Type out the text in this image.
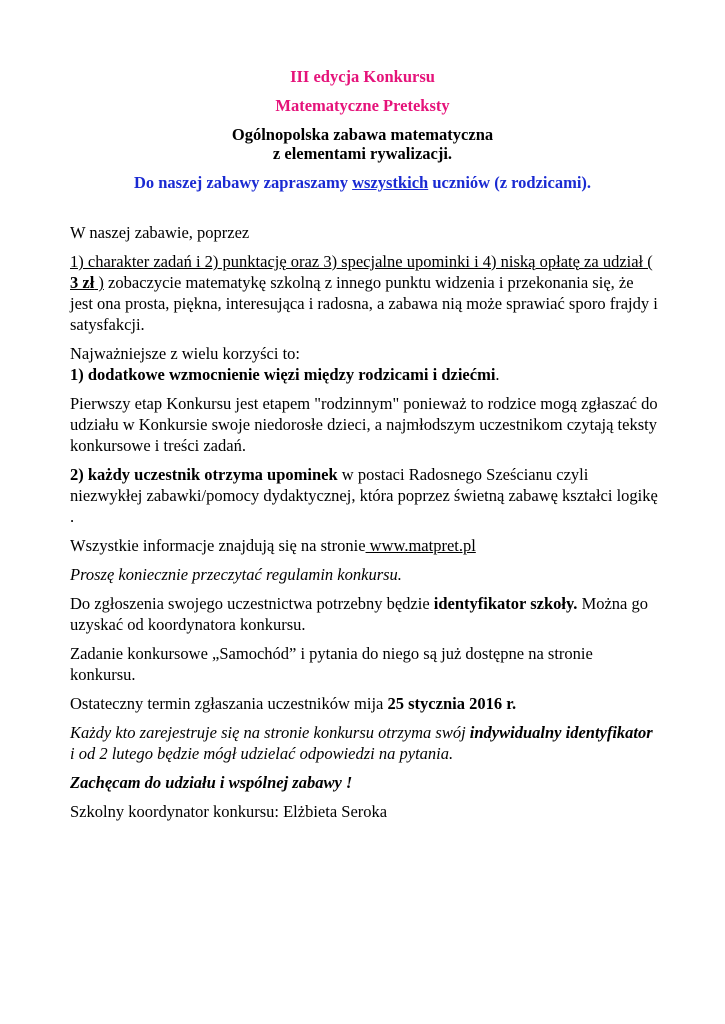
III edycja Konkursu
Matematyczne Preteksty
Ogólnopolska zabawa matematyczna
z elementami rywalizacji.
Do naszej zabawy zapraszamy wszystkich uczniów (z rodzicami).

W naszej zabawie, poprzez

1) charakter zadań i 2) punktację oraz 3) specjalne upominki i 4) niską opłatę za udział ( 3 zł ) zobaczycie matematykę szkolną z innego punktu widzenia i przekonania się, że jest ona prosta, piękna, interesująca i radosna, a zabawa nią może sprawiać sporo frajdy i satysfakcji.

Najważniejsze z wielu korzyści to:

1) dodatkowe wzmocnienie więzi między rodzicami i dziećmi.

Pierwszy etap Konkursu jest etapem "rodzinnym" ponieważ to rodzice mogą zgłaszać do udziału w Konkursie swoje niedorosłe dzieci, a najmłodszym uczestnikom czytają teksty konkursowe i treści zadań.

2) każdy uczestnik otrzyma upominek w postaci Radosnego Sześcianu czyli niezwykłej zabawki/pomocy dydaktycznej, która poprzez świetną zabawę kształci logikę .

Wszystkie informacje znajdują się na stronie www.matpret.pl

Proszę koniecznie przeczytać regulamin konkursu.

Do zgłoszenia swojego uczestnictwa potrzebny będzie identyfikator szkoły. Można go uzyskać od koordynatora konkursu.

Zadanie konkursowe „Samochód” i pytania do niego są już dostępne na stronie konkursu.

Ostateczny termin zgłaszania uczestników mija 25 stycznia 2016 r.

Każdy kto zarejestruje się na stronie konkursu otrzyma swój indywidualny identyfikator i od 2 lutego będzie mógł udzielać odpowiedzi na pytania.

Zachęcam do udziału i wspólnej zabawy !

Szkolny koordynator konkursu: Elżbieta Seroka
